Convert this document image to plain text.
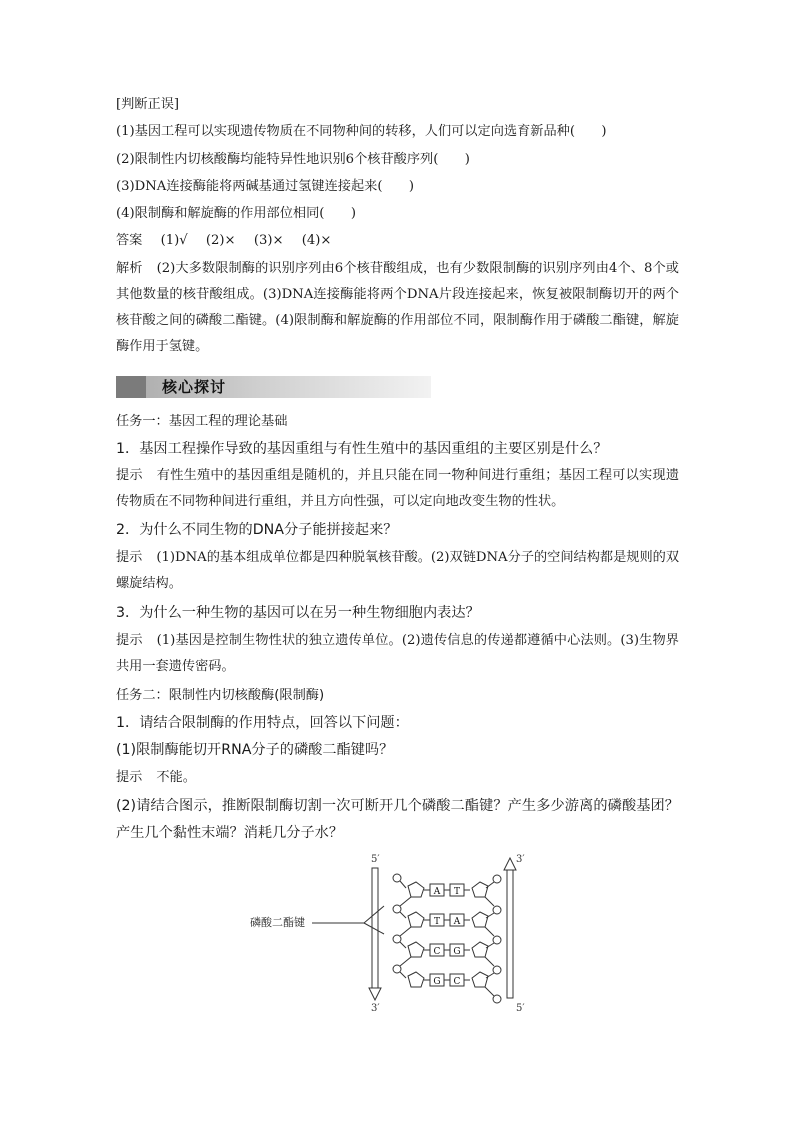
[判断正误]
(1)基因工程可以实现遗传物质在不同物种间的转移，人们可以定向选育新品种(　　)
(2)限制性内切核酸酶均能特异性地识别6个核苷酸序列(　　)
(3)DNA连接酶能将两碱基通过氢键连接起来(　　)
(4)限制酶和解旋酶的作用部位相同(　　)
答案 (1)√ (2)× (3)× (4)×
解析 (2)大多数限制酶的识别序列由6个核苷酸组成，也有少数限制酶的识别序列由4个、8个或其他数量的核苷酸组成。(3)DNA连接酶能将两个DNA片段连接起来，恢复被限制酶切开的两个核苷酸之间的磷酸二酯键。(4)限制酶和解旋酶的作用部位不同，限制酶作用于磷酸二酯键，解旋酶作用于氢键。
核心探讨
任务一：基因工程的理论基础
1．基因工程操作导致的基因重组与有性生殖中的基因重组的主要区别是什么？
提示 有性生殖中的基因重组是随机的，并且只能在同一物种间进行重组；基因工程可以实现遗传物质在不同物种间进行重组，并且方向性强，可以定向地改变生物的性状。
2．为什么不同生物的DNA分子能拼接起来？
提示 (1)DNA的基本组成单位都是四种脱氧核苷酸。(2)双链DNA分子的空间结构都是规则的双螺旋结构。
3．为什么一种生物的基因可以在另一种生物细胞内表达？
提示 (1)基因是控制生物性状的独立遗传单位。(2)遗传信息的传递都遵循中心法则。(3)生物界共用一套遗传密码。
任务二：限制性内切核酸酶(限制酶)
1．请结合限制酶的作用特点，回答以下问题：
(1)限制酶能切开RNA分子的磷酸二酯键吗？
提示 不能。
(2)请结合图示，推断限制酶切割一次可断开几个磷酸二酯键？产生多少游离的磷酸基团？产生几个黏性末端？消耗几分子水？
5′
3′
3′
5′
磷酸二酯键
A T
T A
C G
G C
